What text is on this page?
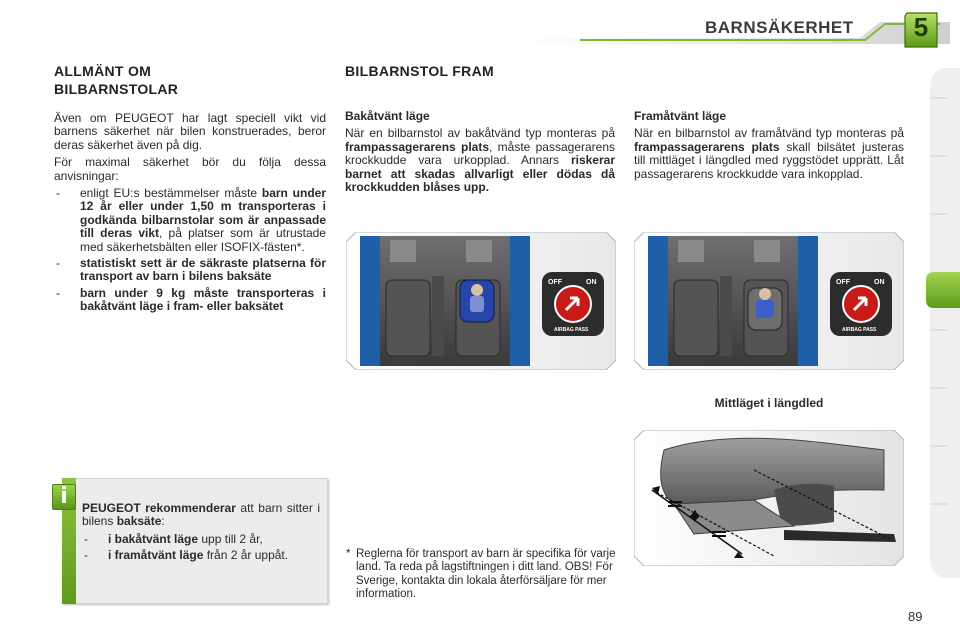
BARNSÄKERHET	5
ALLMÄNT OM
BILBARNSTOLAR

Även om PEUGEOT har lagt speciell vikt vid barnens säkerhet när bilen konstruerades, beror deras säkerhet även på dig.

För maximal säkerhet bör du följa dessa anvisningar:

- enligt EU:s bestämmelser måste barn under 12 år eller under 1,50 m transporteras i godkända bilbarnstolar som är anpassade till deras vikt, på platser som är utrustade med säkerhetsbälten eller ISOFIX-fästen*.
- statistiskt sett är de säkraste platserna för transport av barn i bilens baksäte
- barn under 9 kg måste transporteras i bakåtvänt läge i fram- eller baksätet
i	PEUGEOT rekommenderar att barn sitter i bilens baksäte:

- i bakåtvänt läge upp till 2 år,
- i framåtvänt läge från 2 år uppåt.
BILBARNSTOL FRAM
Bakåtvänt läge

När en bilbarnstol av bakåtvänd typ monteras på frampassagerarens plats, måste passagerarens krockkudde vara urkopplad. Annars riskerar barnet att skadas allvarligt eller dödas då krockkudden blåses upp.

Framåtvänt läge

När en bilbarnstol av framåtvänd typ monteras på frampassagerarens plats skall bilsätet justeras till mittläget i längdled med ryggstödet upprätt. Låt passagerarens krockkudde vara inkopplad.

OFF	ON
AIRBAG PASS
OFF	ON
AIRBAG PASS
Mittläget i längdled
* Reglerna för transport av barn är specifika för varje land. Ta reda på lagstiftningen i ditt land. OBS! För Sverige, kontakta din lokala återförsäljare för mer information.
89
